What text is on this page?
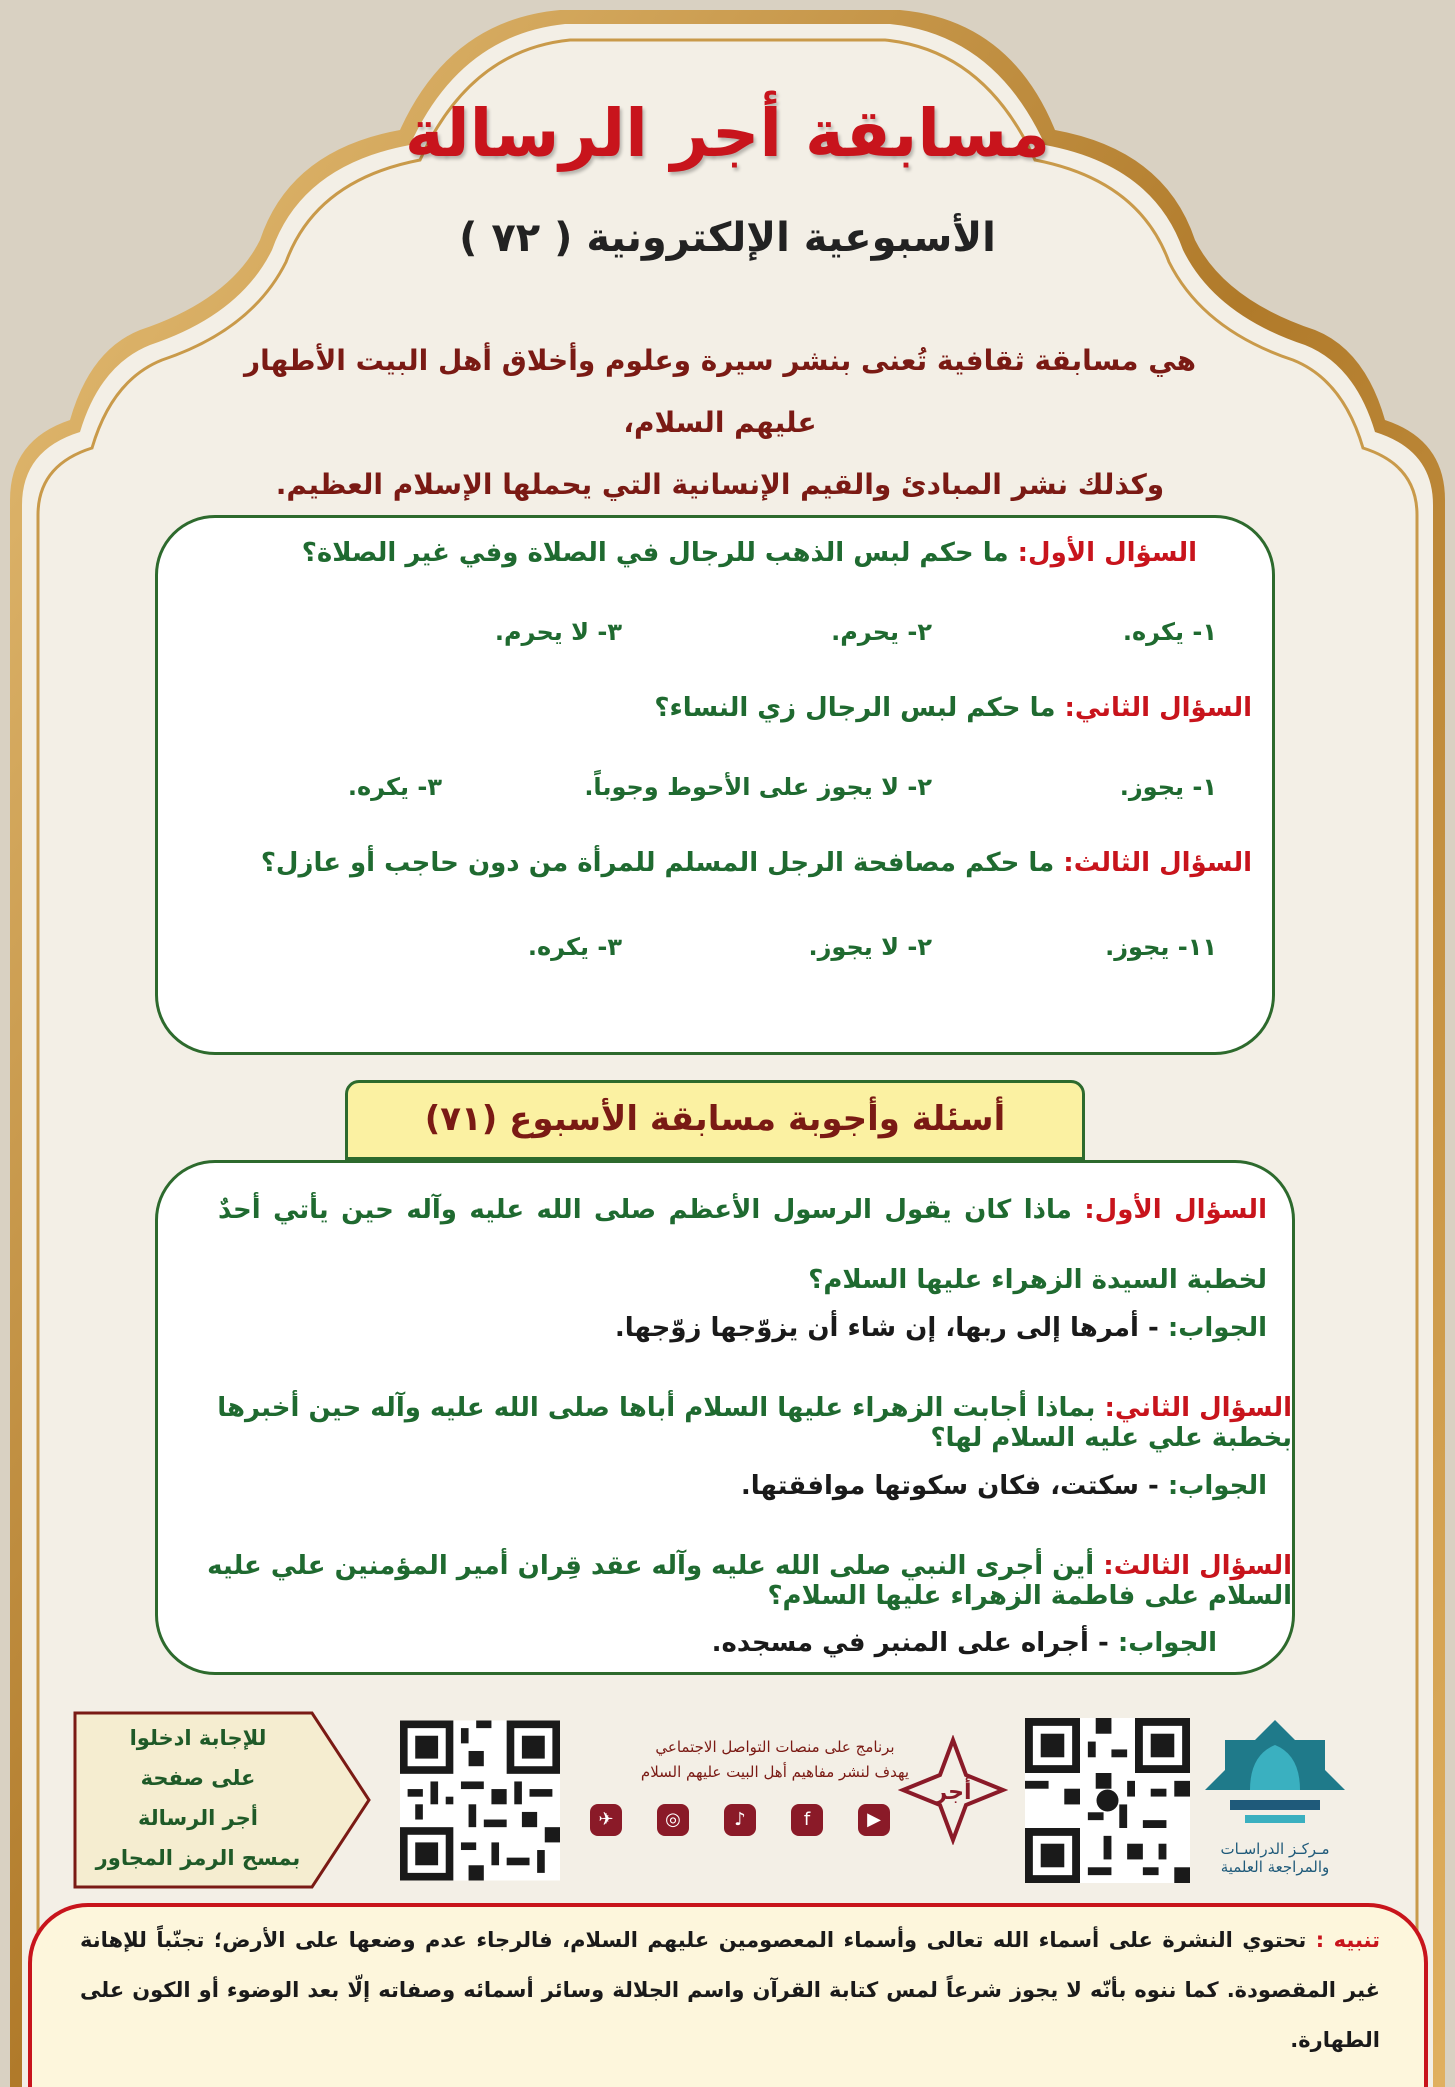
مسابقة أجر الرسالة
الأسبوعية الإلكترونية ( ٧٢ )
هي مسابقة ثقافية تُعنى بنشر سيرة وعلوم وأخلاق أهل البيت الأطهار عليهم السلام،
وكذلك نشر المبادئ والقيم الإنسانية التي يحملها الإسلام العظيم.
السؤال الأول: ما حكم لبس الذهب للرجال في الصلاة وفي غير الصلاة؟
١- يكره.
٢- يحرم.
٣- لا يحرم.
السؤال الثاني: ما حكم لبس الرجال زي النساء؟
١- يجوز.
٢- لا يجوز على الأحوط وجوباً.
٣- يكره.
السؤال الثالث: ما حكم مصافحة الرجل المسلم للمرأة من دون حاجب أو عازل؟
١١- يجوز.
٢- لا يجوز.
٣- يكره.
أسئلة وأجوبة مسابقة الأسبوع (٧١)
السؤال الأول: ماذا كان يقول الرسول الأعظم صلى الله عليه وآله حين يأتي أحدٌ لخطبة السيدة الزهراء عليها السلام؟
الجواب: - أمرها إلى ربها، إن شاء أن يزوّجها زوّجها.
السؤال الثاني: بماذا أجابت الزهراء عليها السلام أباها صلى الله عليه وآله حين أخبرها بخطبة علي عليه السلام لها؟
الجواب: - سكتت، فكان سكوتها موافقتها.
السؤال الثالث: أين أجرى النبي صلى الله عليه وآله عقد قِران أمير المؤمنين علي عليه السلام على فاطمة الزهراء عليها السلام؟
الجواب: - أجراه على المنبر في مسجده.
للإجابة ادخلوا
على صفحة
أجر الرسالة
بمسح الرمز المجاور
برنامج على منصات التواصل الاجتماعي
يهدف لنشر مفاهيم أهل البيت عليهم السلام
✈	◎	♪	f	▶
أجر
مـركـز الدراسـات
والمراجعة العلمية
تنبيه : تحتوي النشرة على أسماء الله تعالى وأسماء المعصومين عليهم السلام، فالرجاء عدم وضعها على الأرض؛ تجنّباً للإهانة غير المقصودة. كما ننوه بأنّه لا يجوز شرعاً لمس كتابة القرآن واسم الجلالة وسائر أسمائه وصفاته إلّا بعد الوضوء أو الكون على الطهارة.
